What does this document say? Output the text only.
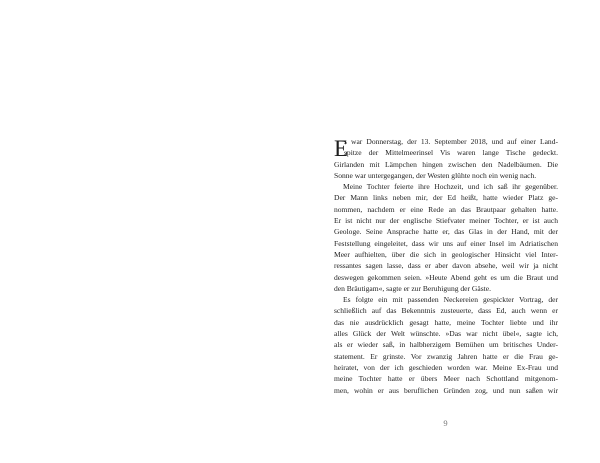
E
s war Donnerstag, der 13. September 2018, und auf einer Land-
spitze der Mittelmeerinsel Vis waren lange Tische gedeckt.
Girlanden mit Lämpchen hingen zwischen den Nadelbäumen. Die
Sonne war untergegangen, der Westen glühte noch ein wenig nach.
Meine Tochter feierte ihre Hochzeit, und ich saß ihr gegenüber.
Der Mann links neben mir, der Ed heißt, hatte wieder Platz ge-
nommen, nachdem er eine Rede an das Brautpaar gehalten hatte.
Er ist nicht nur der englische Stiefvater meiner Tochter, er ist auch
Geologe. Seine Ansprache hatte er, das Glas in der Hand, mit der
Feststellung eingeleitet, dass wir uns auf einer Insel im Adriatischen
Meer aufhielten, über die sich in geologischer Hinsicht viel Inter-
ressantes sagen lasse, dass er aber davon absehe, weil wir ja nicht
deswegen gekommen seien. »Heute Abend geht es um die Braut und
den Bräutigam«, sagte er zur Beruhigung der Gäste.
Es folgte ein mit passenden Neckereien gespickter Vortrag, der
schließlich auf das Bekenntnis zusteuerte, dass Ed, auch wenn er
das nie ausdrücklich gesagt hatte, meine Tochter liebte und ihr
alles Glück der Welt wünschte. »Das war nicht übel«, sagte ich,
als er wieder saß, in halbherzigem Bemühen um britisches Under-
statement. Er grinste. Vor zwanzig Jahren hatte er die Frau ge-
heiratet, von der ich geschieden worden war. Meine Ex-Frau und
meine Tochter hatte er übers Meer nach Schottland mitgenom-
men, wohin er aus beruflichen Gründen zog, und nun saßen wir
9
